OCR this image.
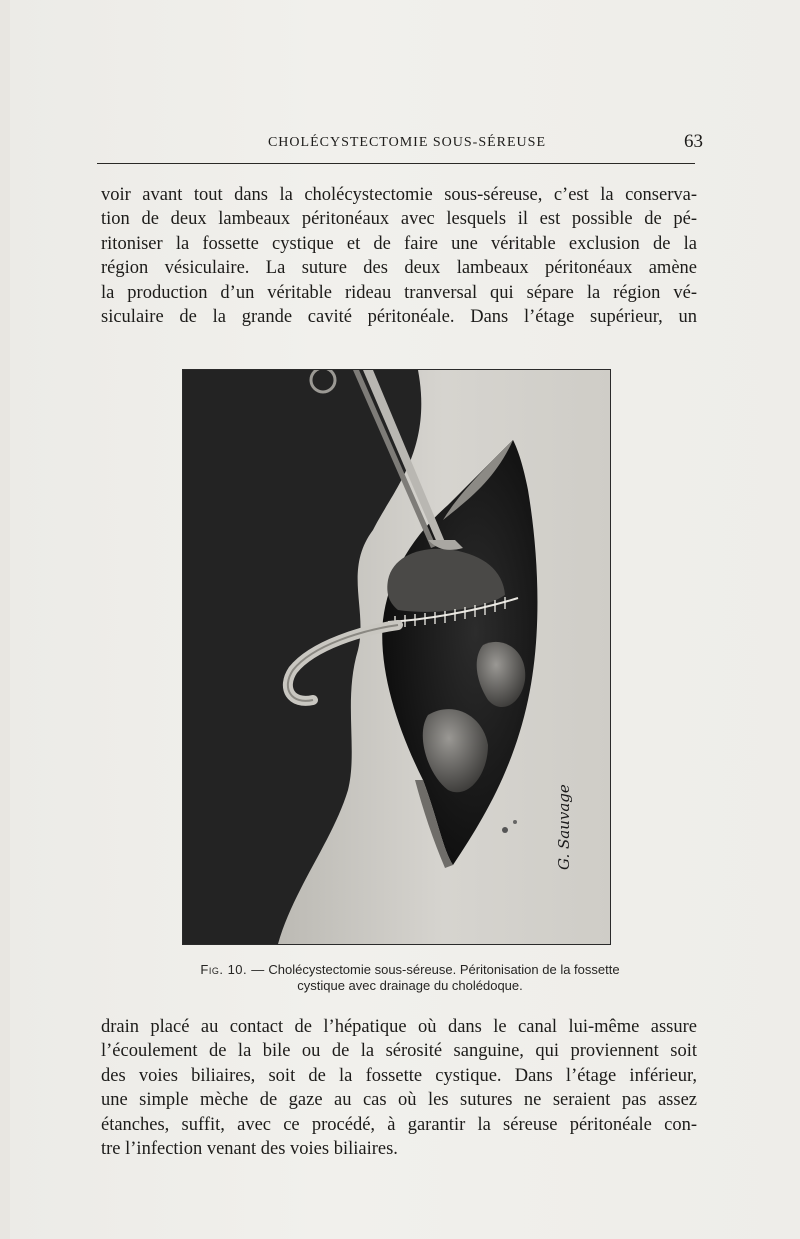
CHOLÉCYSTECTOMIE SOUS-SÉREUSE	63

voir avant tout dans la cholécystectomie sous-séreuse, c’est la conserva-
tion de deux lambeaux péritonéaux avec lesquels il est possible de pé-
ritoniser la fossette cystique et de faire une véritable exclusion de la
région vésiculaire. La suture des deux lambeaux péritonéaux amène
la production d’un véritable rideau tranversal qui sépare la région vé-
siculaire de la grande cavité péritonéale. Dans l’étage supérieur, un

G. Sauvage
Fig. 10. — Cholécystectomie sous-séreuse. Péritonisation de la fossette
cystique avec drainage du cholédoque.

drain placé au contact de l’hépatique où dans le canal lui-même assure
l’écoulement de la bile ou de la sérosité sanguine, qui proviennent soit
des voies biliaires, soit de la fossette cystique. Dans l’étage inférieur,
une simple mèche de gaze au cas où les sutures ne seraient pas assez
étanches, suffit, avec ce procédé, à garantir la séreuse péritonéale con-
tre l’infection venant des voies biliaires.
